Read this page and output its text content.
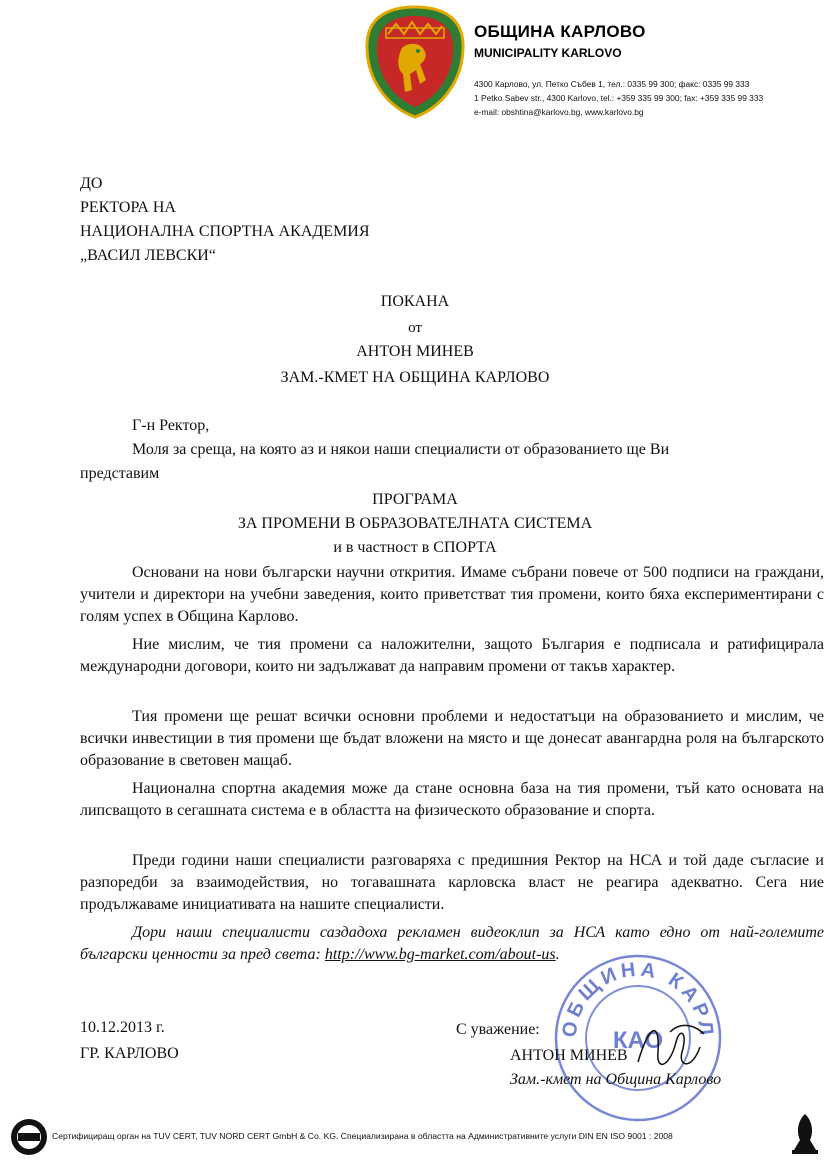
ОБЩИНА КАРЛОВО
MUNICIPALITY KARLOVO
4300 Карлово, ул. Петко Събев 1, тел.: 0335 99 300; факс: 0335 99 333
1 Petko Sabev str., 4300 Karlovo, tel.: +359 335 99 300; fax: +359 335 99 333
e-mail: obshtina@karlovo.bg, www.karlovo.bg
ДО
РЕКТОРА НА
НАЦИОНАЛНА СПОРТНА АКАДЕМИЯ
„ВАСИЛ ЛЕВСКИ“
ПОКАНА
от
АНТОН МИНЕВ
ЗАМ.-КМЕТ НА ОБЩИНА КАРЛОВО
Г-н Ректор,
Моля за среща, на която аз и някои наши специалисти от образованието ще Ви
представим
ПРОГРАМА
ЗА ПРОМЕНИ В ОБРАЗОВАТЕЛНАТА СИСТЕМА
и в частност в СПОРТА

Основани на нови български научни открития. Имаме събрани повече от 500 подписи на граждани, учители и директори на учебни заведения, които приветстват тия промени, които бяха експериментирани с голям успех в Община Карлово.

Ние мислим, че тия промени са наложителни, защото България е подписала и ратифицирала международни договори, които ни задължават да направим промени от такъв характер.

Тия промени ще решат всички основни проблеми и недостатъци на образованието и мислим, че всички инвестиции в тия промени ще бъдат вложени на място и ще донесат авангардна роля на българското образование в световен мащаб.

Национална спортна академия може да стане основна база на тия промени, тъй като основата на липсващото в сегашната система е в областта на физическото образование и спорта.

Преди години наши специалисти разговаряха с предишния Ректор на НСА и той даде съгласие и разпоредби за взаимодействия, но тогавашната карловска власт не реагира адекватно. Сега ние продължаваме инициативата на нашите специалисти.

Дори наши специалисти саздадоха рекламен видеоклип за НСА като едно от най-големите български ценности за пред света: http://www.bg-market.com/about-us.

ОБЩИНА КАРЛ
КАО
10.12.2013 г.
ГР. КАРЛОВО
С уважение:
АНТОН МИНЕВ
Зам.-кмет на Община Карлово
Сертифициращ орган на TUV CERT, TUV NORD CERT GmbH & Co. KG. Специализирана в областта на Административните услуги DIN EN ISO 9001 : 2008
